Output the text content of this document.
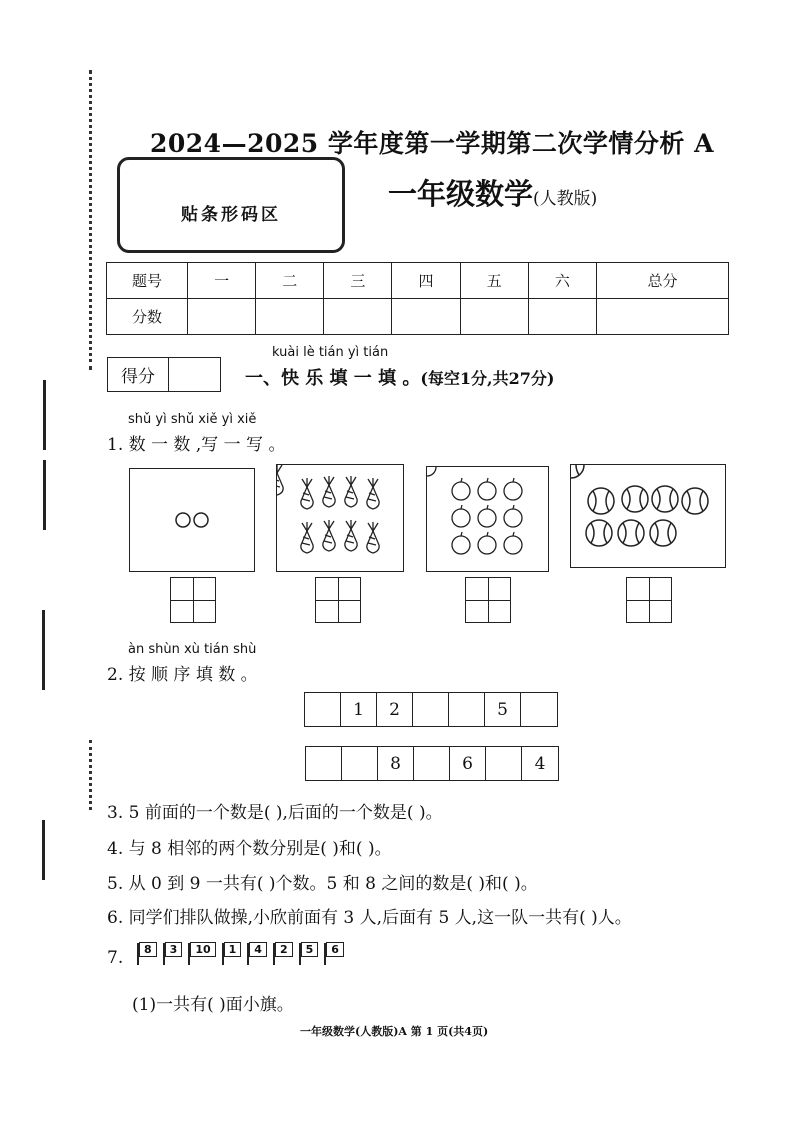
2024—2025 学年度第一学期第二次学情分析 A
贴条形码区
一年级数学(人教版)
题号	一	二	三	四	五	六	总分
分数							
得分
kuài lè tián yì tián
一、快 乐 填 一 填 。(每空1分,共27分)
shǔ yì shǔ xiě yì xiě
1. 数 一 数 ,写 一 写 。
àn shùn xù tián shù
2. 按 顺 序 填 数 。
1	2	5
8	6	4
3. 5 前面的一个数是( ),后面的一个数是( )。
4. 与 8 相邻的两个数分别是( )和( )。
5. 从 0 到 9 一共有( )个数。5 和 8 之间的数是( )和( )。
6. 同学们排队做操,小欣前面有 3 人,后面有 5 人,这一队一共有( )人。
7.	8	3	10	1	4	2	5	6
(1)一共有( )面小旗。
一年级数学(人教版)A 第 1 页(共4页)
